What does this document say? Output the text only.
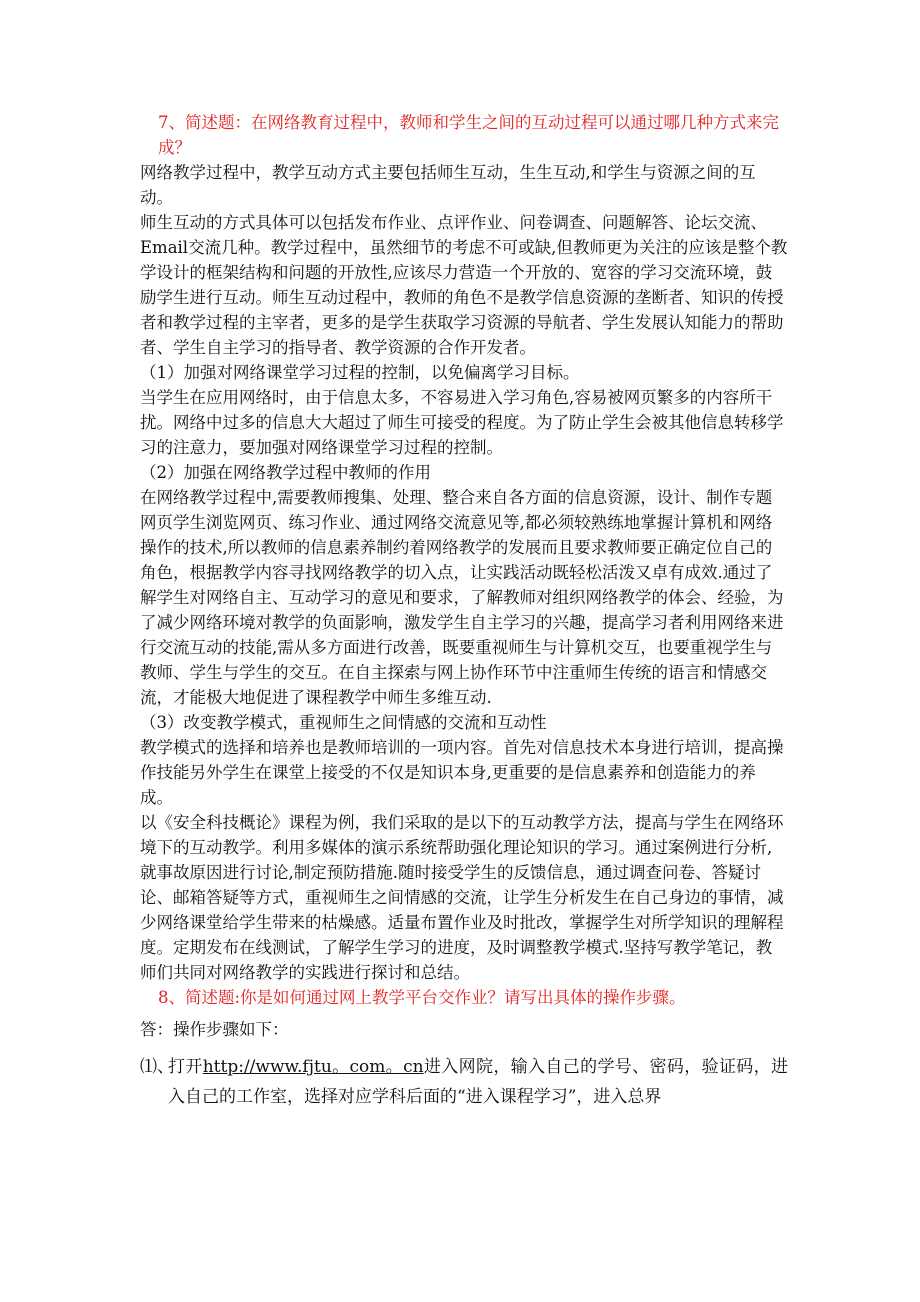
7、简述题：在网络教育过程中，教师和学生之间的互动过程可以通过哪几种方式来完成？

网络教学过程中，教学互动方式主要包括师生互动，生生互动,和学生与资源之间的互动。

师生互动的方式具体可以包括发布作业、点评作业、问卷调查、问题解答、论坛交流、Email交流几种。教学过程中，虽然细节的考虑不可或缺,但教师更为关注的应该是整个教学设计的框架结构和问题的开放性,应该尽力营造一个开放的、宽容的学习交流环境，鼓励学生进行互动。师生互动过程中，教师的角色不是教学信息资源的垄断者、知识的传授者和教学过程的主宰者，更多的是学生获取学习资源的导航者、学生发展认知能力的帮助者、学生自主学习的指导者、教学资源的合作开发者。

（1）加强对网络课堂学习过程的控制，以免偏离学习目标。

当学生在应用网络时，由于信息太多，不容易进入学习角色,容易被网页繁多的内容所干扰。网络中过多的信息大大超过了师生可接受的程度。为了防止学生会被其他信息转移学习的注意力，要加强对网络课堂学习过程的控制。

（2）加强在网络教学过程中教师的作用

在网络教学过程中,需要教师搜集、处理、整合来自各方面的信息资源，设计、制作专题网页学生浏览网页、练习作业、通过网络交流意见等,都必须较熟练地掌握计算机和网络操作的技术,所以教师的信息素养制约着网络教学的发展而且要求教师要正确定位自己的角色，根据教学内容寻找网络教学的切入点，让实践活动既轻松活泼又卓有成效.通过了解学生对网络自主、互动学习的意见和要求，了解教师对组织网络教学的体会、经验，为了减少网络环境对教学的负面影响，激发学生自主学习的兴趣，提高学习者利用网络来进行交流互动的技能,需从多方面进行改善，既要重视师生与计算机交互，也要重视学生与教师、学生与学生的交互。在自主探索与网上协作环节中注重师生传统的语言和情感交流，才能极大地促进了课程教学中师生多维互动.

（3）改变教学模式，重视师生之间情感的交流和互动性

教学模式的选择和培养也是教师培训的一项内容。首先对信息技术本身进行培训，提高操作技能另外学生在课堂上接受的不仅是知识本身,更重要的是信息素养和创造能力的养成。

以《安全科技概论》课程为例，我们采取的是以下的互动教学方法，提高与学生在网络环境下的互动教学。利用多媒体的演示系统帮助强化理论知识的学习。通过案例进行分析,就事故原因进行讨论,制定预防措施.随时接受学生的反馈信息，通过调查问卷、答疑讨论、邮箱答疑等方式，重视师生之间情感的交流，让学生分析发生在自己身边的事情，减少网络课堂给学生带来的枯燥感。适量布置作业及时批改，掌握学生对所学知识的理解程度。定期发布在线测试，了解学生学习的进度，及时调整教学模式.坚持写教学笔记，教师们共同对网络教学的实践进行探讨和总结。

8、简述题:你是如何通过网上教学平台交作业？请写出具体的操作步骤。

答：操作步骤如下：

⑴、
打开http://www.fjtu。com。cn进入网院，输入自己的学号、密码，验证码，进入自己的工作室，选择对应学科后面的“进入课程学习”，进入总界
